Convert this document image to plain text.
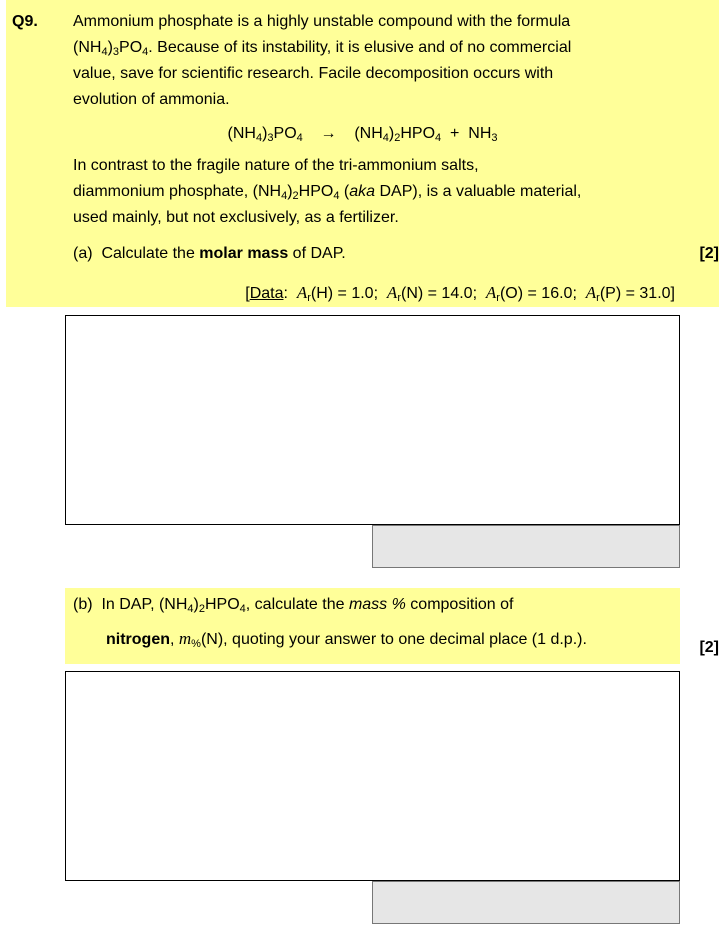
Q9. Ammonium phosphate is a highly unstable compound with the formula
$(NH_4)_3PO_4$. Because of its instability, it is elusive and of no commercial
value, save for scientific research. Facile decomposition occurs with
evolution of ammonia.
$(NH_4)_3PO_4 \to (NH_4)_2HPO_4 + NH_3$
In contrast to the fragile nature of the tri-ammonium salts,
diammonium phosphate, $(NH_4)_2HPO_4$ (aka DAP), is a valuable material,
used mainly, but not exclusively, as a fertilizer.
(a) Calculate the molar mass of DAP.	[2]
[Data: $A_r(H) = 1.0$; $A_r(N) = 14.0$; $A_r(O) = 16.0$; $A_r(P) = 31.0$]
(b) In DAP, $(NH_4)_2HPO_4$, calculate the mass % composition of
nitrogen, $m_{\%}(N)$, quoting your answer to one decimal place (1 d.p.).	[2]
